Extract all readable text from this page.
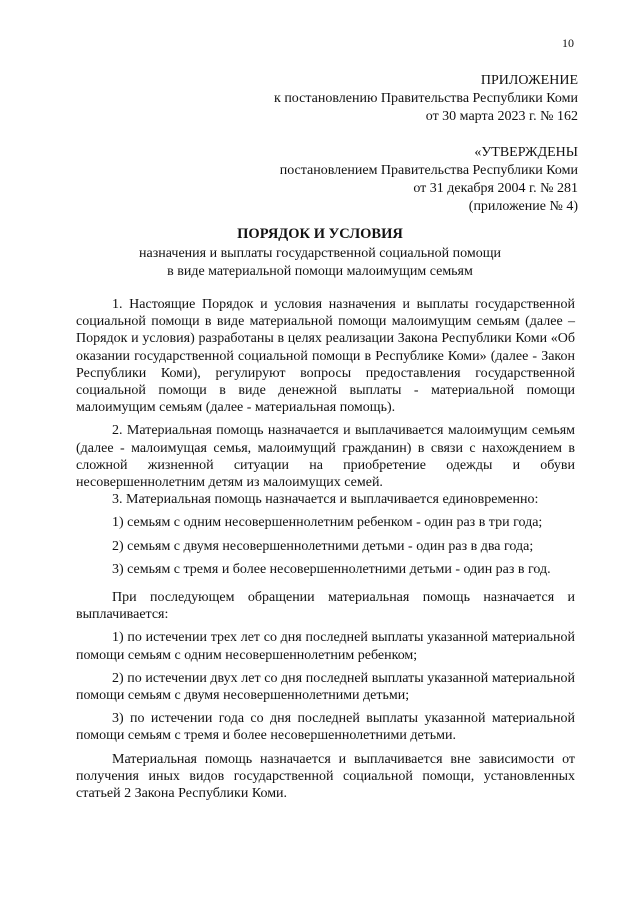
10
ПРИЛОЖЕНИЕ
к постановлению Правительства Республики Коми
от 30 марта 2023 г. № 162
«УТВЕРЖДЕНЫ
постановлением Правительства Республики Коми
от 31 декабря 2004 г. № 281
(приложение № 4)
ПОРЯДОК И УСЛОВИЯ
назначения и выплаты государственной социальной помощи
в виде материальной помощи малоимущим семьям

1. Настоящие Порядок и условия назначения и выплаты государственной социальной помощи в виде материальной помощи малоимущим семьям (далее – Порядок и условия) разработаны в целях реализации Закона Республики Коми «Об оказании государственной социальной помощи в Республике Коми» (далее - Закон Республики Коми), регулируют вопросы предоставления государственной социальной помощи в виде денежной выплаты - материальной помощи малоимущим семьям (далее - материальная помощь).

2. Материальная помощь назначается и выплачивается малоимущим семьям (далее - малоимущая семья, малоимущий гражданин) в связи с нахождением в сложной жизненной ситуации на приобретение одежды и обуви несовершеннолетним детям из малоимущих семей.

3. Материальная помощь назначается и выплачивается единовременно:

1) семьям с одним несовершеннолетним ребенком - один раз в три года;

2) семьям с двумя несовершеннолетними детьми - один раз в два года;

3) семьям с тремя и более несовершеннолетними детьми - один раз в год.

При последующем обращении материальная помощь назначается и выплачивается:

1) по истечении трех лет со дня последней выплаты указанной материальной помощи семьям с одним несовершеннолетним ребенком;

2) по истечении двух лет со дня последней выплаты указанной материальной помощи семьям с двумя несовершеннолетними детьми;

3) по истечении года со дня последней выплаты указанной материальной помощи семьям с тремя и более несовершеннолетними детьми.

Материальная помощь назначается и выплачивается вне зависимости от получения иных видов государственной социальной помощи, установленных статьей 2 Закона Республики Коми.
